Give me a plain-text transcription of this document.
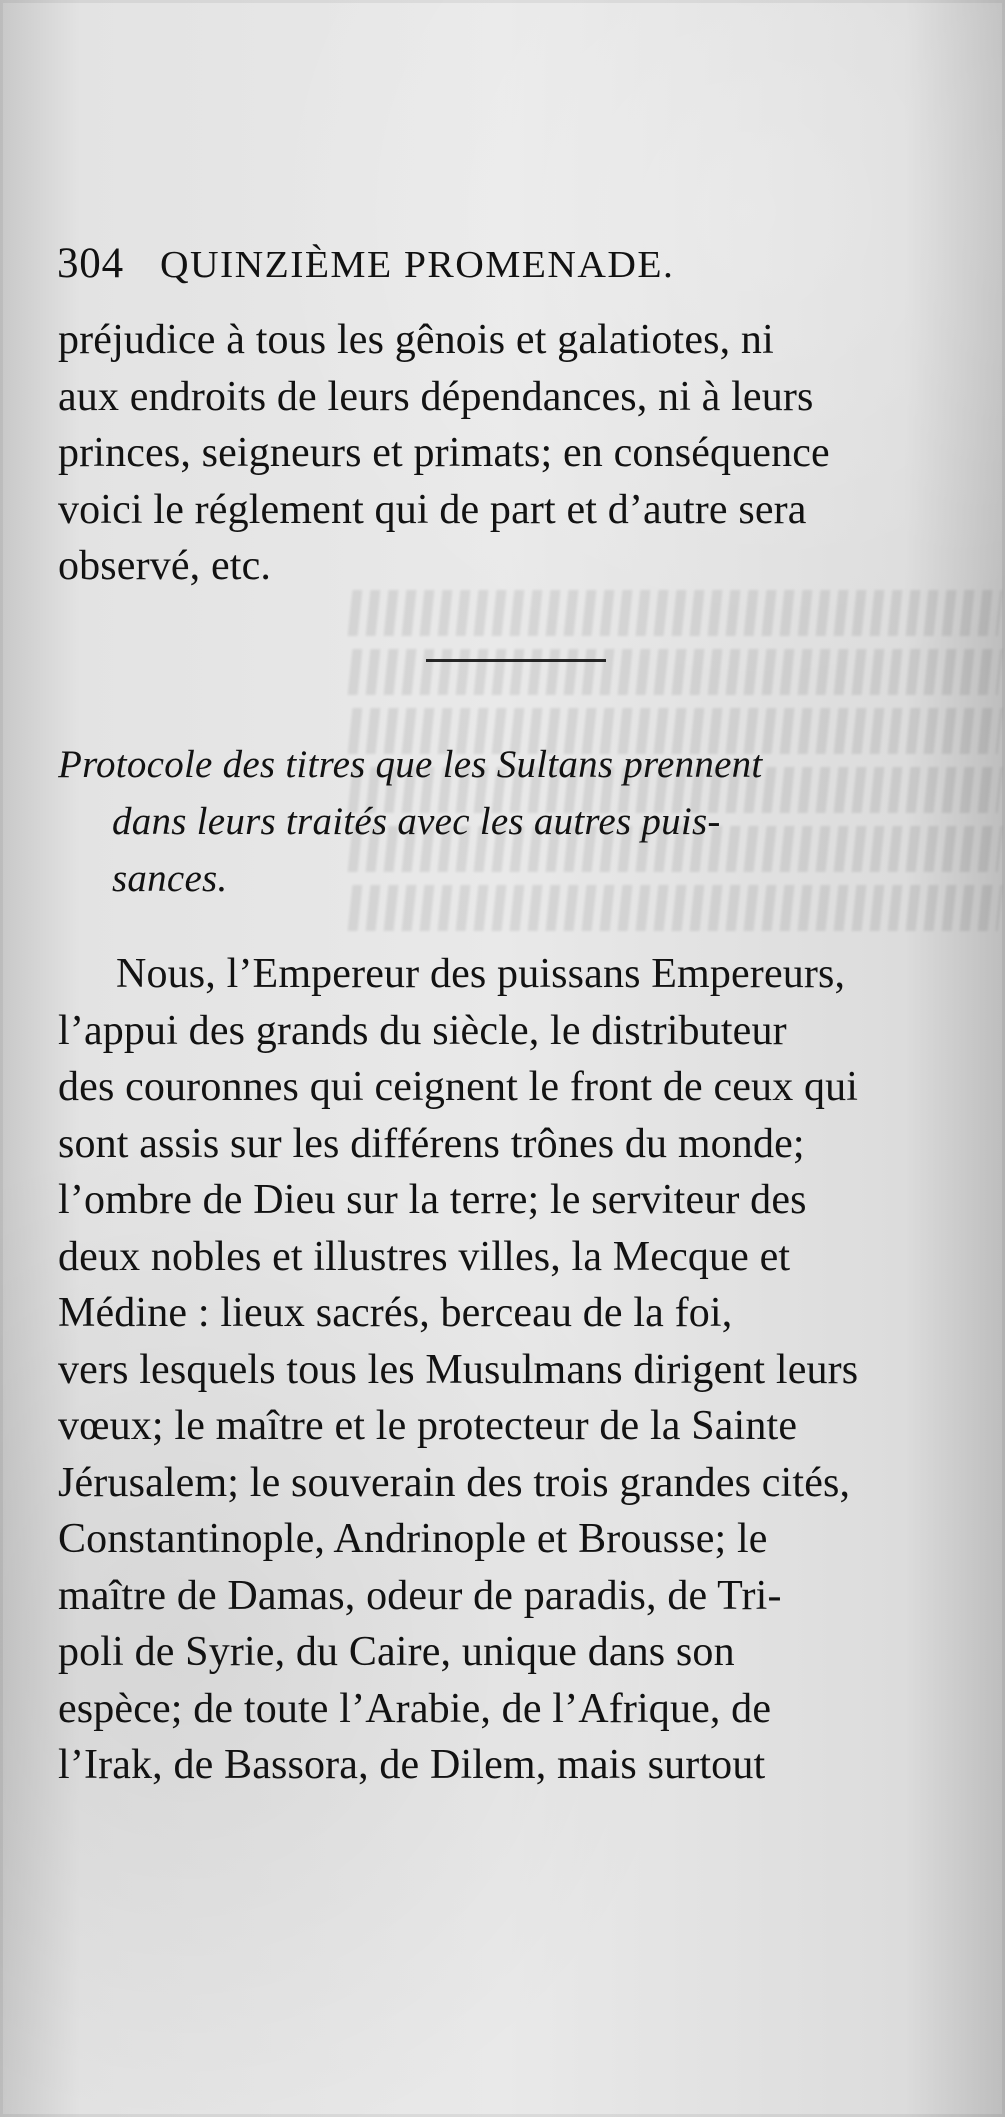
304 QUINZIÈME PROMENADE.

préjudice à tous les gênois et galatiotes, ni
aux endroits de leurs dépendances, ni à leurs
princes, seigneurs et primats; en conséquence
voici le réglement qui de part et d’autre sera
observé, etc.

Protocole des titres que les Sultans prennent
dans leurs traités avec les autres puis-
sances.

Nous, l’Empereur des puissans Empereurs,
l’appui des grands du siècle, le distributeur
des couronnes qui ceignent le front de ceux qui
sont assis sur les différens trônes du monde;
l’ombre de Dieu sur la terre; le serviteur des
deux nobles et illustres villes, la Mecque et
Médine : lieux sacrés, berceau de la foi,
vers lesquels tous les Musulmans dirigent leurs
vœux; le maître et le protecteur de la Sainte
Jérusalem; le souverain des trois grandes cités,
Constantinople, Andrinople et Brousse; le
maître de Damas, odeur de paradis, de Tri-
poli de Syrie, du Caire, unique dans son
espèce; de toute l’Arabie, de l’Afrique, de
l’Irak, de Bassora, de Dilem, mais surtout
